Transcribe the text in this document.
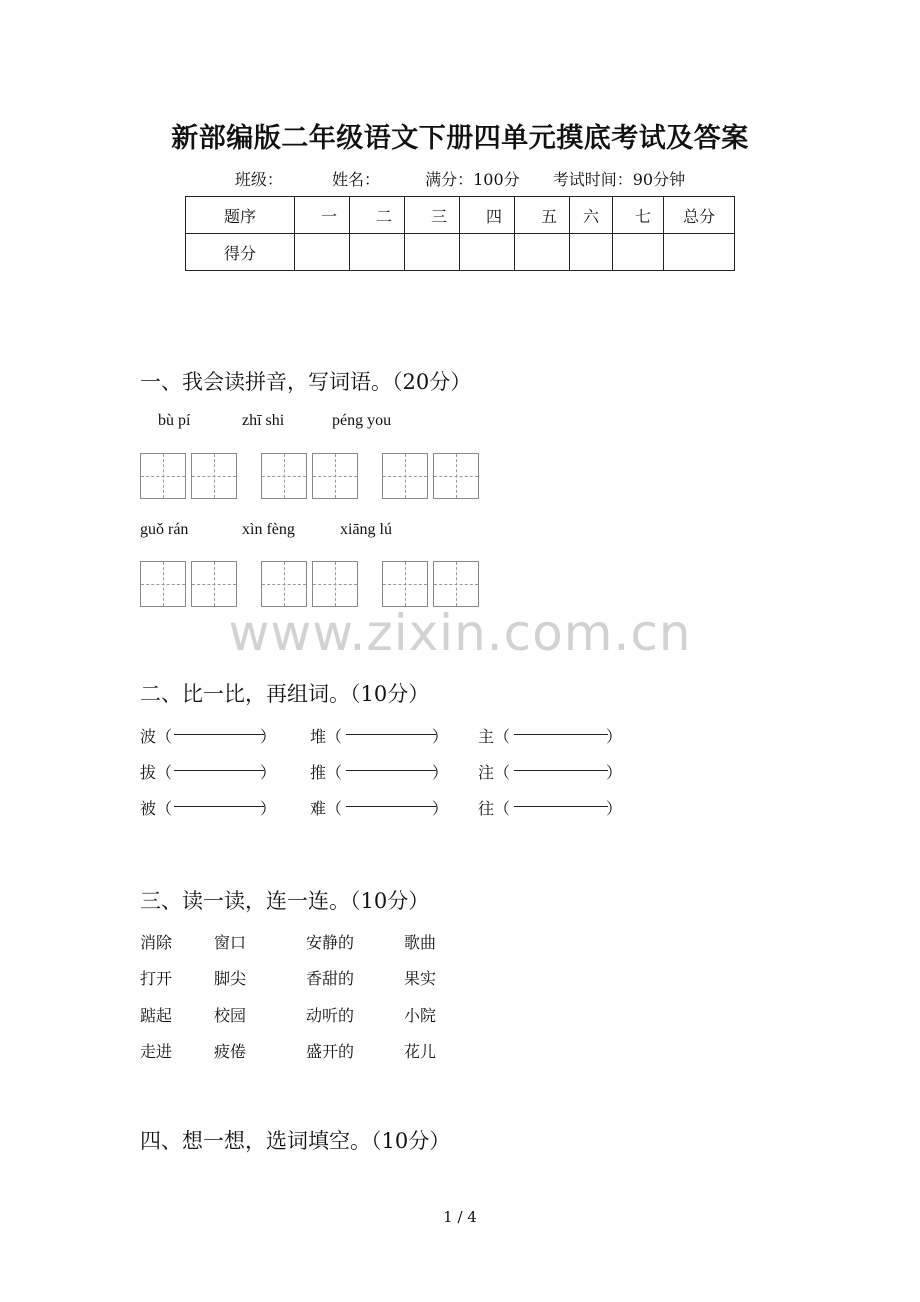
新部编版二年级语文下册四单元摸底考试及答案
班级：	姓名：	满分：100分 考试时间：90分钟
题序	一	二	三	四	五	六	七	总分
得分								
一、我会读拼音，写词语。（20分）
bù pí	zhī shi	péng you
guǒ rán	xìn fèng	xiāng lú
www.zixin.com.cn
二、比一比，再组词。（10分）
波（	） 堆（	） 主（	）
拔（	） 推（	） 注（	）
被（	） 难（	） 往（	）
三、读一读，连一连。（10分）
消除	窗口	安静的	歌曲
打开	脚尖	香甜的	果实
踮起	校园	动听的	小院
走进	疲倦	盛开的	花儿
四、想一想，选词填空。（10分）
1 / 4
